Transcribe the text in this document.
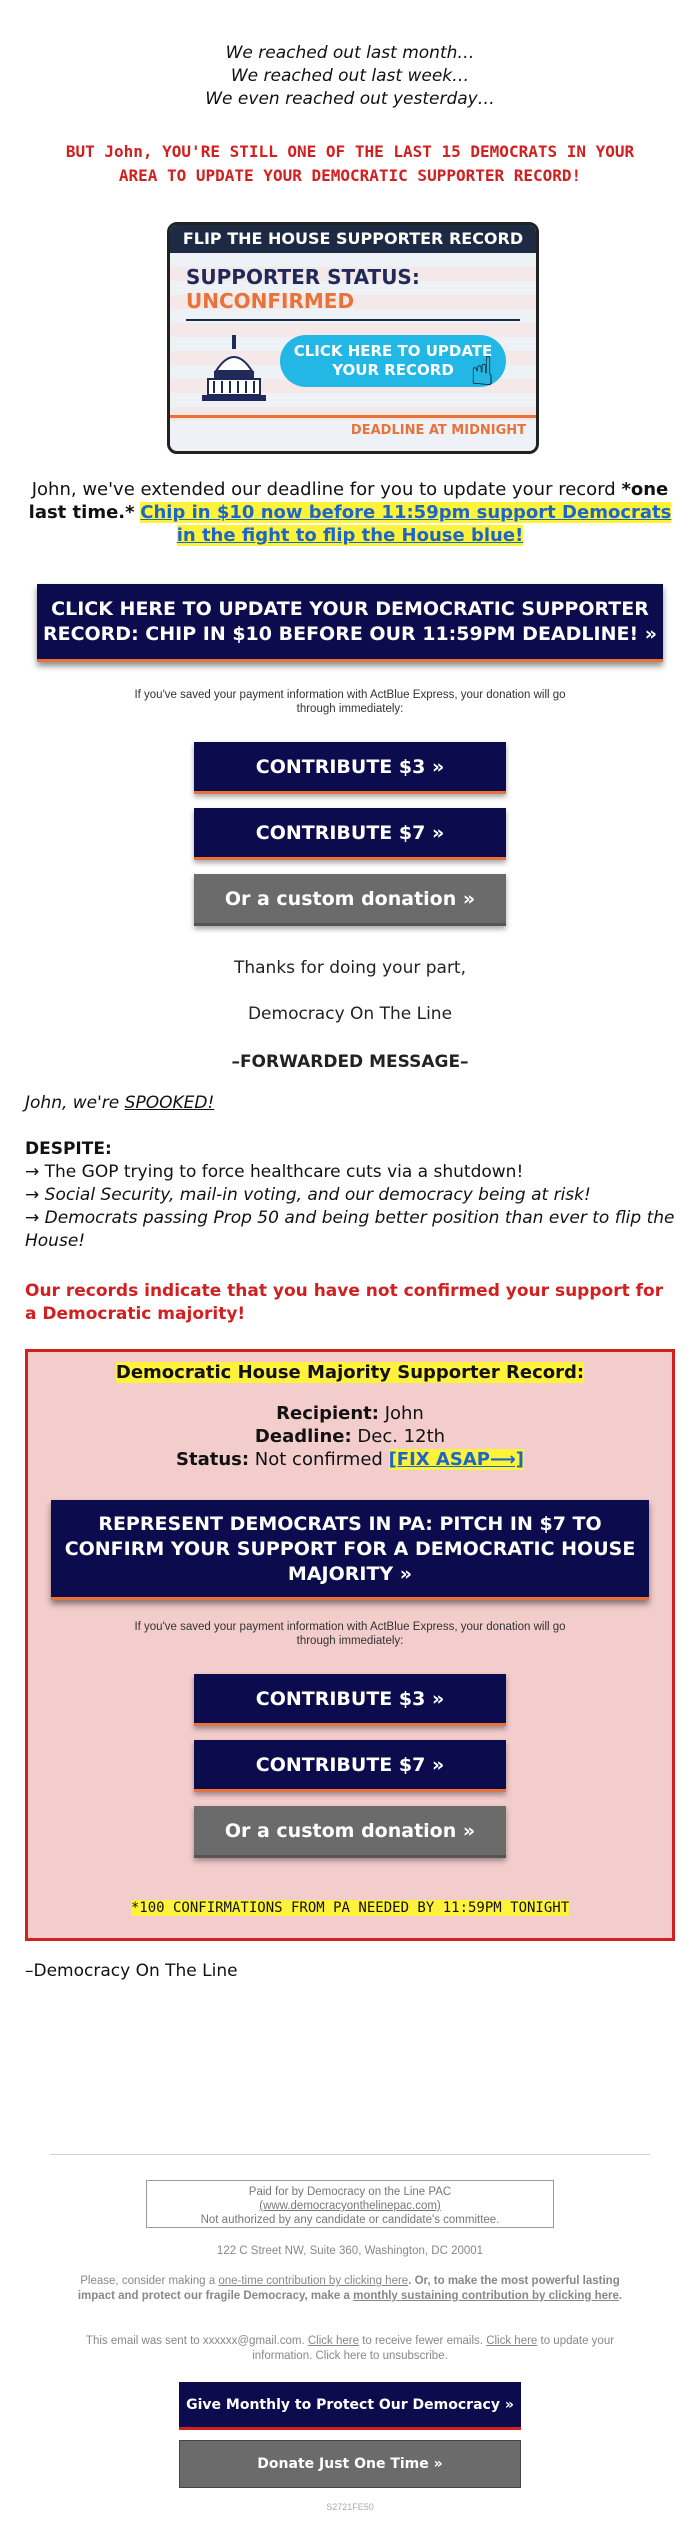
We reached out last month…
We reached out last week…
We even reached out yesterday…
BUT John, YOU'RE STILL ONE OF THE LAST 15 DEMOCRATS IN YOUR
AREA TO UPDATE YOUR DEMOCRATIC SUPPORTER RECORD!
FLIP THE HOUSE SUPPORTER RECORD
SUPPORTER STATUS:
UNCONFIRMED
CLICK HERE TO UPDATE YOUR RECORD ☝
DEADLINE AT MIDNIGHT
John, we've extended our deadline for you to update your record *one last time.* Chip in $10 now before 11:59pm support Democrats in the fight to flip the House blue!
CLICK HERE TO UPDATE YOUR DEMOCRATIC SUPPORTER RECORD: CHIP IN $10 BEFORE OUR 11:59PM DEADLINE! »
If you've saved your payment information with ActBlue Express, your donation will go through immediately:
CONTRIBUTE $3 »
CONTRIBUTE $7 »
Or a custom donation »
Thanks for doing your part,
Democracy On The Line
–FORWARDED MESSAGE–
John, we're SPOOKED!
DESPITE:
→ The GOP trying to force healthcare cuts via a shutdown!
→ Social Security, mail-in voting, and our democracy being at risk!
→ Democrats passing Prop 50 and being better position than ever to flip the House!
Our records indicate that you have not confirmed your support for a Democratic majority!
Democratic House Majority Supporter Record:
Recipient: John
Deadline: Dec. 12th
Status: Not confirmed [FIX ASAP⟶]
REPRESENT DEMOCRATS IN PA: PITCH IN $7 TO CONFIRM YOUR SUPPORT FOR A DEMOCRATIC HOUSE MAJORITY »
If you've saved your payment information with ActBlue Express, your donation will go through immediately:
CONTRIBUTE $3 »
CONTRIBUTE $7 »
Or a custom donation »
*100 CONFIRMATIONS FROM PA NEEDED BY 11:59PM TONIGHT
–Democracy On The Line
Paid for by Democracy on the Line PAC
(www.democracyonthelinepac.com)
Not authorized by any candidate or candidate's committee.
122 C Street NW, Suite 360, Washington, DC 20001
Please, consider making a one-time contribution by clicking here. Or, to make the most powerful lasting impact and protect our fragile Democracy, make a monthly sustaining contribution by clicking here.
This email was sent to xxxxxx@gmail.com. Click here to receive fewer emails. Click here to update your information. Click here to unsubscribe.
Give Monthly to Protect Our Democracy »
Donate Just One Time »
S2721FE50
